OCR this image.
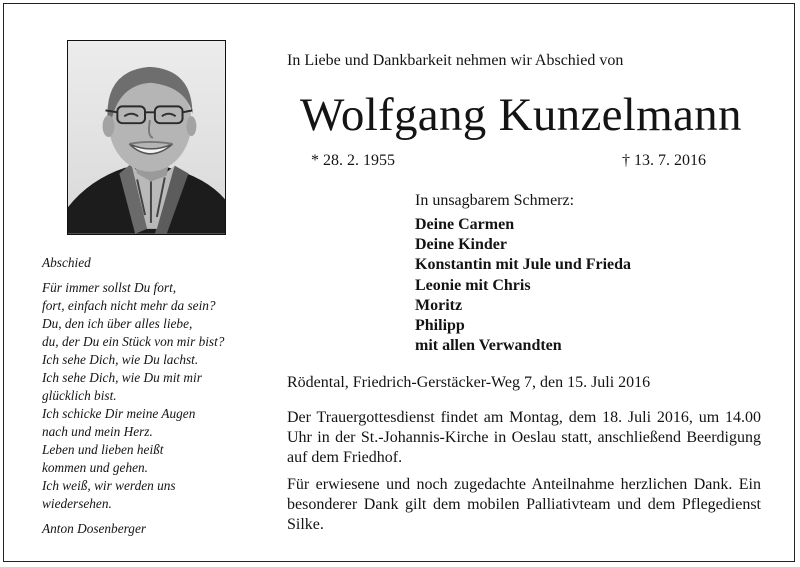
In Liebe und Dankbarkeit nehmen wir Abschied von
Wolfgang Kunzelmann
* 28. 2. 1955	† 13. 7. 2016
In unsagbarem Schmerz:
Deine Carmen
Deine Kinder
Konstantin mit Jule und Frieda
Leonie mit Chris
Moritz
Philipp
mit allen Verwandten
Rödental, Friedrich-Gerstäcker-Weg 7, den 15. Juli 2016
Der Trauergottesdienst findet am Montag, dem 18. Juli 2016, um 14.00 Uhr in der St.-Johannis-Kirche in Oeslau statt, anschließend Beerdigung auf dem Friedhof.
Für erwiesene und noch zugedachte Anteilnahme herzlichen Dank. Ein besonderer Dank gilt dem mobilen Palliativteam und dem Pflegedienst Silke.
Abschied
Für immer sollst Du fort,
fort, einfach nicht mehr da sein?
Du, den ich über alles liebe,
du, der Du ein Stück von mir bist?
Ich sehe Dich, wie Du lachst.
Ich sehe Dich, wie Du mit mir
glücklich bist.
Ich schicke Dir meine Augen
nach und mein Herz.
Leben und lieben heißt
kommen und gehen.
Ich weiß, wir werden uns
wiedersehen.
Anton Dosenberger
